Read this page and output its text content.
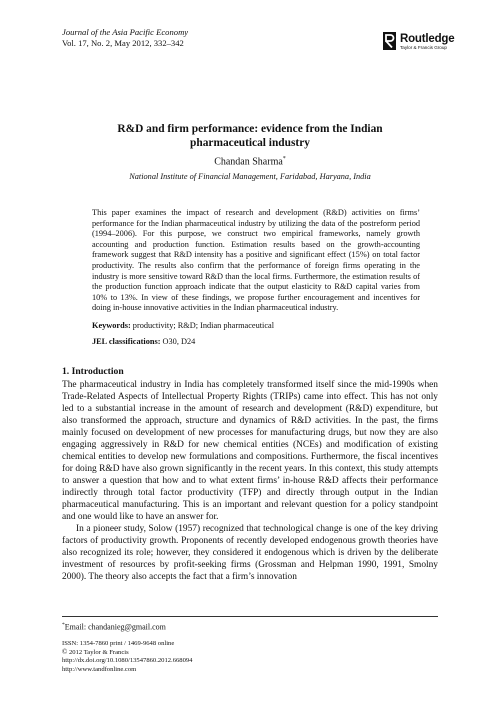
Journal of the Asia Pacific Economy
Vol. 17, No. 2, May 2012, 332–342	Routledge
Taylor & Francis Group
R&D and firm performance: evidence from the Indian
pharmaceutical industry
Chandan Sharma*
National Institute of Financial Management, Faridabad, Haryana, India
This paper examines the impact of research and development (R&D) activities on firms’ performance for the Indian pharmaceutical industry by utilizing the data of the postreform period (1994–2006). For this purpose, we construct two empirical frameworks, namely growth accounting and production function. Estimation results based on the growth-accounting framework suggest that R&D intensity has a positive and significant effect (15%) on total factor productivity. The results also confirm that the performance of foreign firms operating in the industry is more sensitive toward R&D than the local firms. Furthermore, the estimation results of the production function approach indicate that the output elasticity to R&D capital varies from 10% to 13%. In view of these findings, we propose further encouragement and incentives for doing in-house innovative activities in the Indian pharmaceutical industry.
Keywords: productivity; R&D; Indian pharmaceutical
JEL classifications: O30, D24
1. Introduction

The pharmaceutical industry in India has completely transformed itself since the mid-1990s when Trade-Related Aspects of Intellectual Property Rights (TRIPs) came into effect. This has not only led to a substantial increase in the amount of research and development (R&D) expenditure, but also transformed the approach, structure and dynamics of R&D activities. In the past, the firms mainly focused on development of new processes for manufacturing drugs, but now they are also engaging aggressively in R&D for new chemical entities (NCEs) and modification of existing chemical entities to develop new formulations and compositions. Furthermore, the fiscal incentives for doing R&D have also grown significantly in the recent years. In this context, this study attempts to answer a question that how and to what extent firms’ in-house R&D affects their performance indirectly through total factor productivity (TFP) and directly through output in the Indian pharmaceutical manufacturing. This is an important and relevant question for a policy standpoint and one would like to have an answer for.

In a pioneer study, Solow (1957) recognized that technological change is one of the key driving factors of productivity growth. Proponents of recently developed endogenous growth theories have also recognized its role; however, they considered it endogenous which is driven by the deliberate investment of resources by profit-seeking firms (Grossman and Helpman 1990, 1991, Smolny 2000). The theory also accepts the fact that a firm’s innovation

*Email: chandanieg@gmail.com
ISSN: 1354-7860 print / 1469-9648 online
© 2012 Taylor & Francis
http://dx.doi.org/10.1080/13547860.2012.668094
http://www.tandfonline.com
